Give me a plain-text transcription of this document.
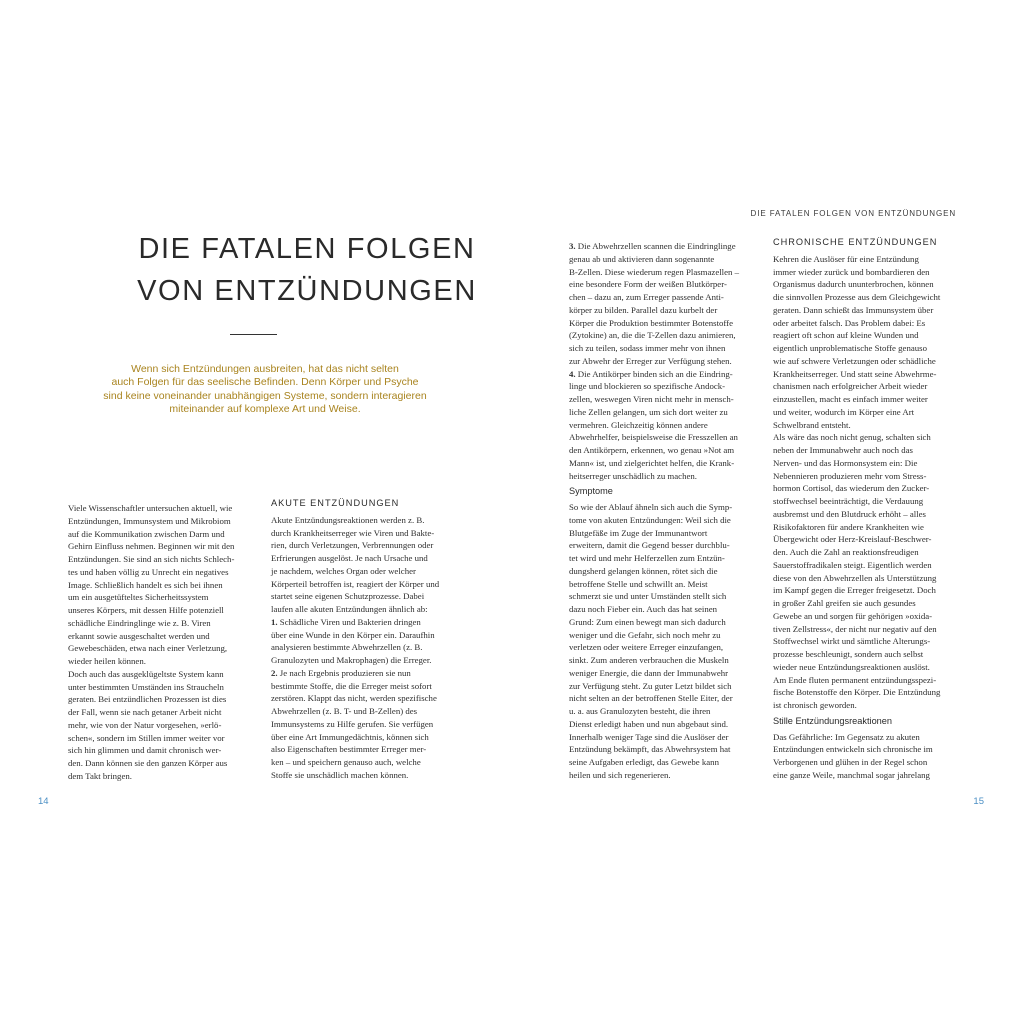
DIE FATALEN FOLGEN
VON ENTZÜNDUNGEN

Wenn sich Entzündungen ausbreiten, hat das nicht selten
auch Folgen für das seelische Befinden. Denn Körper und Psyche
sind keine voneinander unabhängigen Systeme, sondern interagieren
miteinander auf komplexe Art und Weise.

Viele Wissenschaftler untersuchen aktuell, wie
Entzündungen, Immunsystem und Mikrobiom
auf die Kommunikation zwischen Darm und
Gehirn Einfluss nehmen. Beginnen wir mit den
Entzündungen. Sie sind an sich nichts Schlech-
tes und haben völlig zu Unrecht ein negatives
Image. Schließlich handelt es sich bei ihnen
um ein ausgetüfteltes Sicherheitssystem
unseres Körpers, mit dessen Hilfe potenziell
schädliche Eindringlinge wie z. B. Viren
erkannt sowie ausgeschaltet werden und
Gewebeschäden, etwa nach einer Verletzung,
wieder heilen können.

Doch auch das ausgeklügeltste System kann
unter bestimmten Umständen ins Straucheln
geraten. Bei entzündlichen Prozessen ist dies
der Fall, wenn sie nach getaner Arbeit nicht
mehr, wie von der Natur vorgesehen, »erlö-
schen«, sondern im Stillen immer weiter vor
sich hin glimmen und damit chronisch wer-
den. Dann können sie den ganzen Körper aus
dem Takt bringen.

AKUTE ENTZÜNDUNGEN

Akute Entzündungsreaktionen werden z. B.
durch Krankheitserreger wie Viren und Bakte-
rien, durch Verletzungen, Verbrennungen oder
Erfrierungen ausgelöst. Je nach Ursache und
je nachdem, welches Organ oder welcher
Körperteil betroffen ist, reagiert der Körper und
startet seine eigenen Schutzprozesse. Dabei
laufen alle akuten Entzündungen ähnlich ab:

1. Schädliche Viren und Bakterien dringen
über eine Wunde in den Körper ein. Daraufhin
analysieren bestimmte Abwehrzellen (z. B.
Granulozyten und Makrophagen) die Erreger.

2. Je nach Ergebnis produzieren sie nun
bestimmte Stoffe, die die Erreger meist sofort
zerstören. Klappt das nicht, werden spezifische
Abwehrzellen (z. B. T- und B-Zellen) des
Immunsystems zu Hilfe gerufen. Sie verfügen
über eine Art Immungedächtnis, können sich
also Eigenschaften bestimmter Erreger mer-
ken – und speichern genauso auch, welche
Stoffe sie unschädlich machen können.

14

DIE FATALEN FOLGEN VON ENTZÜNDUNGEN

3. Die Abwehrzellen scannen die Eindringlinge
genau ab und aktivieren dann sogenannte
B-Zellen. Diese wiederum regen Plasmazellen –
eine besondere Form der weißen Blutkörper-
chen – dazu an, zum Erreger passende Anti-
körper zu bilden. Parallel dazu kurbelt der
Körper die Produktion bestimmter Botenstoffe
(Zytokine) an, die die T-Zellen dazu animieren,
sich zu teilen, sodass immer mehr von ihnen
zur Abwehr der Erreger zur Verfügung stehen.

4. Die Antikörper binden sich an die Eindring-
linge und blockieren so spezifische Andock-
zellen, weswegen Viren nicht mehr in mensch-
liche Zellen gelangen, um sich dort weiter zu
vermehren. Gleichzeitig können andere
Abwehrhelfer, beispielsweise die Fresszellen an
den Antikörpern, erkennen, wo genau »Not am
Mann« ist, und zielgerichtet helfen, die Krank-
heitserreger unschädlich zu machen.

Symptome

So wie der Ablauf ähneln sich auch die Symp-
tome von akuten Entzündungen: Weil sich die
Blutgefäße im Zuge der Immunantwort
erweitern, damit die Gegend besser durchblu-
tet wird und mehr Helferzellen zum Entzün-
dungsherd gelangen können, rötet sich die
betroffene Stelle und schwillt an. Meist
schmerzt sie und unter Umständen stellt sich
dazu noch Fieber ein. Auch das hat seinen
Grund: Zum einen bewegt man sich dadurch
weniger und die Gefahr, sich noch mehr zu
verletzen oder weitere Erreger einzufangen,
sinkt. Zum anderen verbrauchen die Muskeln
weniger Energie, die dann der Immunabwehr
zur Verfügung steht. Zu guter Letzt bildet sich
nicht selten an der betroffenen Stelle Eiter, der
u. a. aus Granulozyten besteht, die ihren
Dienst erledigt haben und nun abgebaut sind.
Innerhalb weniger Tage sind die Auslöser der
Entzündung bekämpft, das Abwehrsystem hat
seine Aufgaben erledigt, das Gewebe kann
heilen und sich regenerieren.

CHRONISCHE ENTZÜNDUNGEN

Kehren die Auslöser für eine Entzündung
immer wieder zurück und bombardieren den
Organismus dadurch ununterbrochen, können
die sinnvollen Prozesse aus dem Gleichgewicht
geraten. Dann schießt das Immunsystem über
oder arbeitet falsch. Das Problem dabei: Es
reagiert oft schon auf kleine Wunden und
eigentlich unproblematische Stoffe genauso
wie auf schwere Verletzungen oder schädliche
Krankheitserreger. Und statt seine Abwehrme-
chanismen nach erfolgreicher Arbeit wieder
einzustellen, macht es einfach immer weiter
und weiter, wodurch im Körper eine Art
Schwelbrand entsteht.

Als wäre das noch nicht genug, schalten sich
neben der Immunabwehr auch noch das
Nerven- und das Hormonsystem ein: Die
Nebennieren produzieren mehr vom Stress-
hormon Cortisol, das wiederum den Zucker-
stoffwechsel beeinträchtigt, die Verdauung
ausbremst und den Blutdruck erhöht – alles
Risikofaktoren für andere Krankheiten wie
Übergewicht oder Herz-Kreislauf-Beschwer-
den. Auch die Zahl an reaktionsfreudigen
Sauerstoffradikalen steigt. Eigentlich werden
diese von den Abwehrzellen als Unterstützung
im Kampf gegen die Erreger freigesetzt. Doch
in großer Zahl greifen sie auch gesundes
Gewebe an und sorgen für gehörigen »oxida-
tiven Zellstress«, der nicht nur negativ auf den
Stoffwechsel wirkt und sämtliche Alterungs-
prozesse beschleunigt, sondern auch selbst
wieder neue Entzündungsreaktionen auslöst.
Am Ende fluten permanent entzündungsspezi-
fische Botenstoffe den Körper. Die Entzündung
ist chronisch geworden.

Stille Entzündungsreaktionen

Das Gefährliche: Im Gegensatz zu akuten
Entzündungen entwickeln sich chronische im
Verborgenen und glühen in der Regel schon
eine ganze Weile, manchmal sogar jahrelang

15
